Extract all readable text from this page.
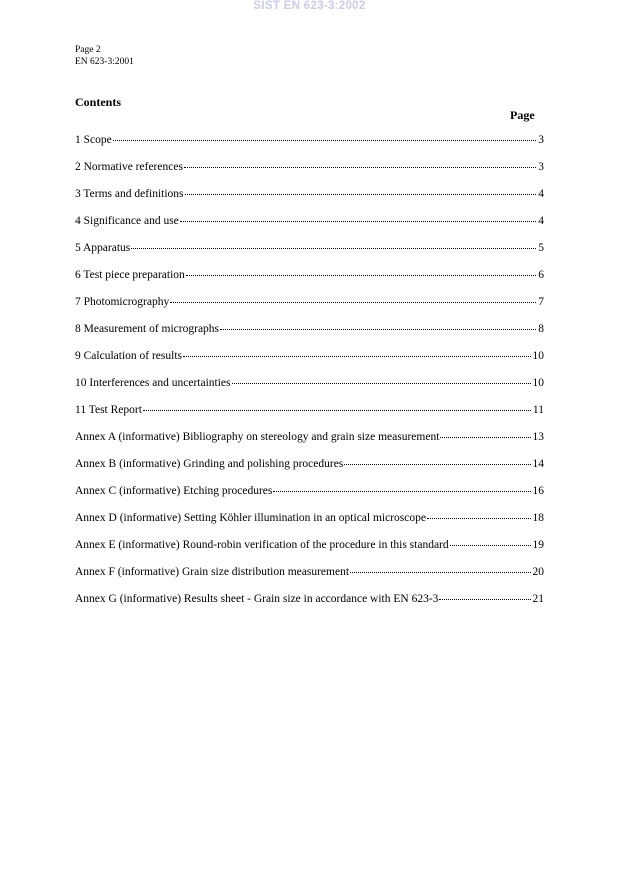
SIST EN 623-3:2002
Page 2
EN 623-3:2001
Contents
Page
1 Scope	3
2 Normative references	3
3 Terms and definitions	4
4 Significance and use	4
5 Apparatus	5
6 Test piece preparation	6
7 Photomicrography	7
8 Measurement of micrographs	8
9 Calculation of results	10
10 Interferences and uncertainties	10
11 Test Report	11
Annex A (informative) Bibliography on stereology and grain size measurement	13
Annex B (informative) Grinding and polishing procedures	14
Annex C (informative) Etching procedures	16
Annex D (informative) Setting Köhler illumination in an optical microscope	18
Annex E (informative) Round-robin verification of the procedure in this standard	19
Annex F (informative) Grain size distribution measurement	20
Annex G (informative) Results sheet - Grain size in accordance with EN 623-3	21
